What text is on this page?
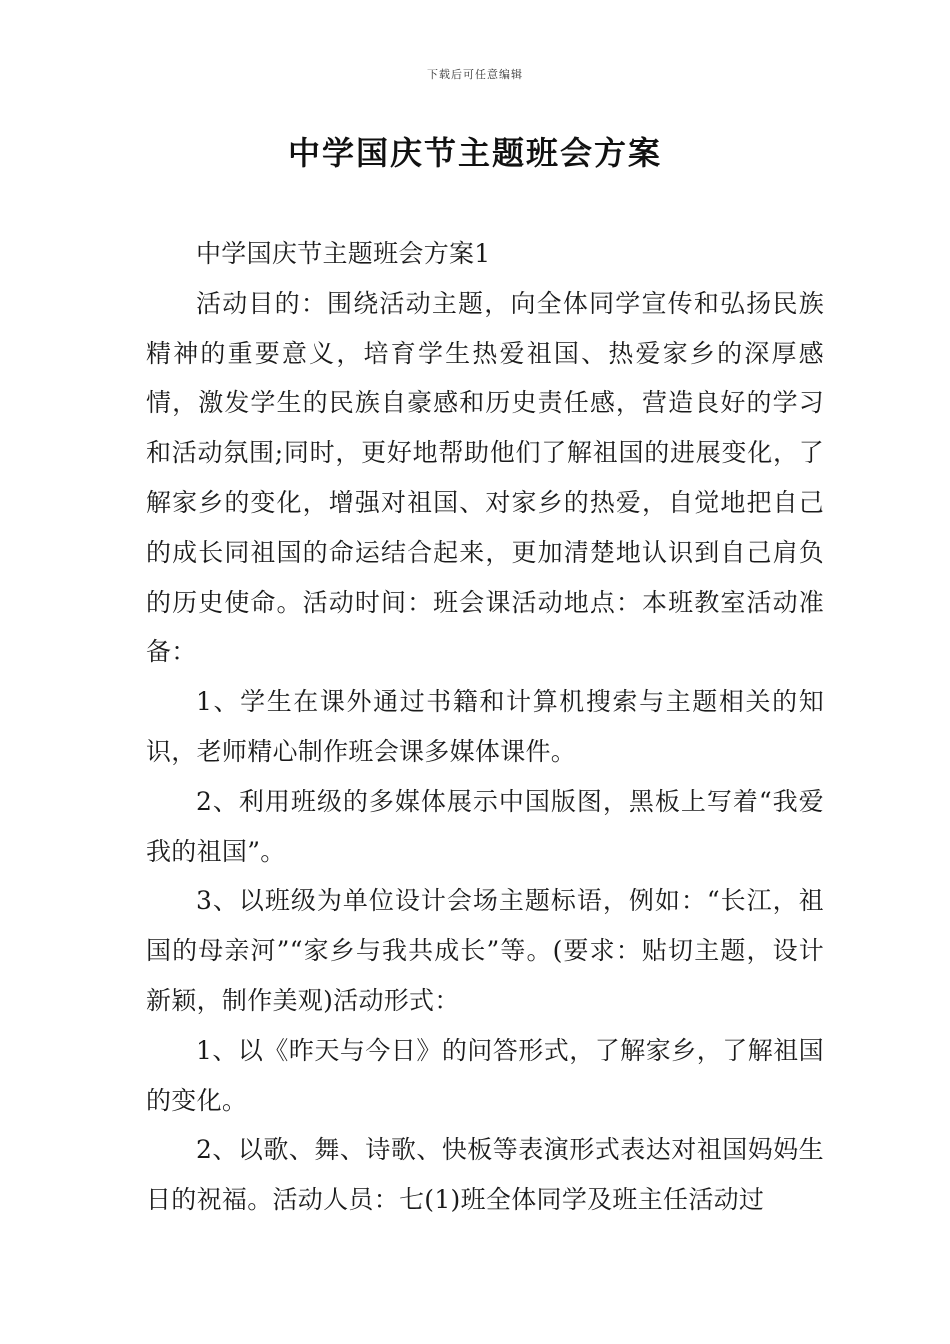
下载后可任意编辑
中学国庆节主题班会方案

中学国庆节主题班会方案1

活动目的：围绕活动主题，向全体同学宣传和弘扬民族精神的重要意义，培育学生热爱祖国、热爱家乡的深厚感情，激发学生的民族自豪感和历史责任感，营造良好的学习和活动氛围;同时，更好地帮助他们了解祖国的进展变化，了解家乡的变化，增强对祖国、对家乡的热爱，自觉地把自己的成长同祖国的命运结合起来，更加清楚地认识到自己肩负的历史使命。活动时间：班会课活动地点：本班教室活动准备：

1、学生在课外通过书籍和计算机搜索与主题相关的知识，老师精心制作班会课多媒体课件。

2、利用班级的多媒体展示中国版图，黑板上写着“我爱我的祖国”。

3、以班级为单位设计会场主题标语，例如：“长江，祖国的母亲河”“家乡与我共成长”等。(要求：贴切主题，设计新颖，制作美观)活动形式：

1、以《昨天与今日》的问答形式，了解家乡，了解祖国的变化。

2、以歌、舞、诗歌、快板等表演形式表达对祖国妈妈生日的祝福。活动人员：七(1)班全体同学及班主任活动过
